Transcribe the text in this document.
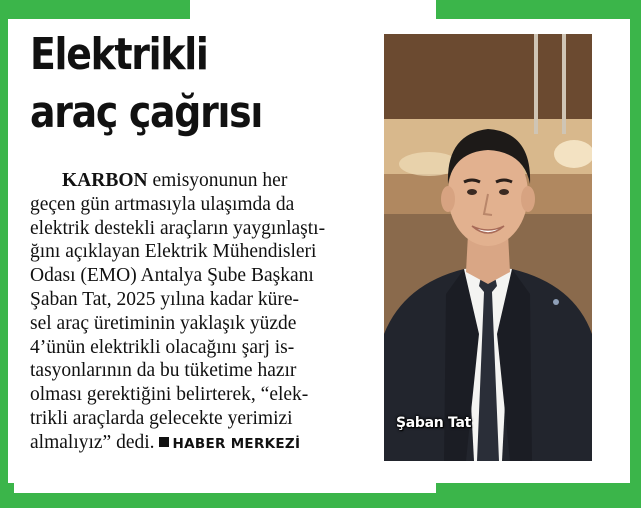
Elektrikli
araç çağrısı
KARBON emisyonunun her
geçen gün artmasıyla ulaşımda da
elektrik destekli araçların yaygınlaştı-
ğını açıklayan Elektrik Mühendisleri
Odası (EMO) Antalya Şube Başkanı
Şaban Tat, 2025 yılına kadar küre-
sel araç üretiminin yaklaşık yüzde
4’ünün elektrikli olacağını şarj is-
tasyonlarının da bu tüketime hazır
olması gerektiğini belirterek, “elek-
trikli araçlarda gelecekte yerimizi
almalıyız” dedi. HABER MERKEZİ
Şaban Tat
